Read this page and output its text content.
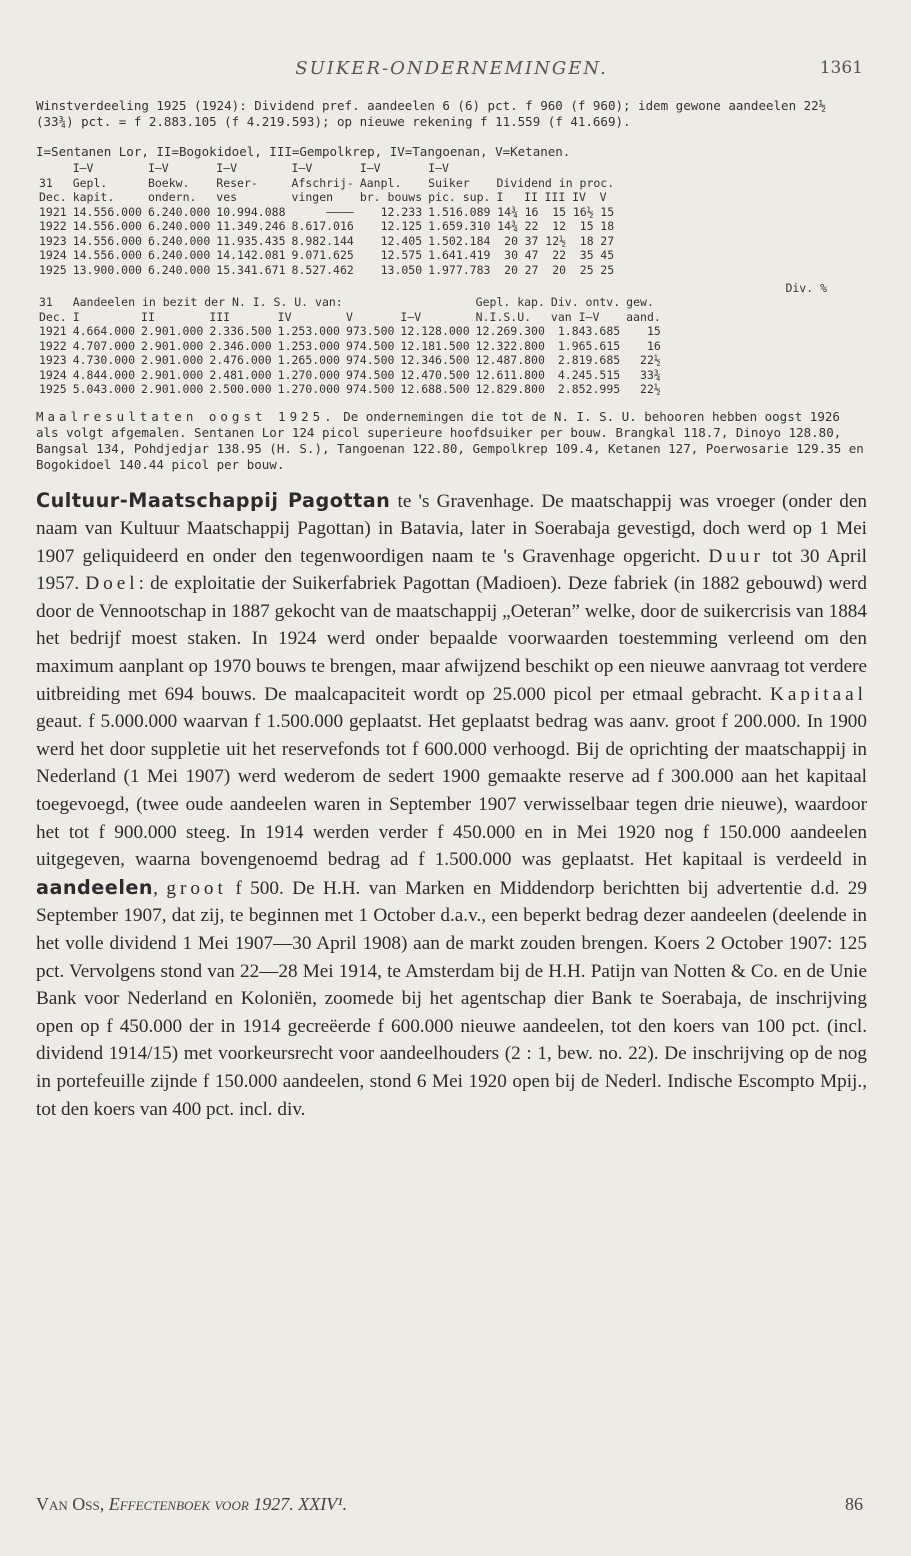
SUIKER-ONDERNEMINGEN.	1361

Winstverdeeling 1925 (1924): Dividend pref. aandeelen 6 (6) pct. f 960 (f 960); idem gewone aandeelen 22½ (33¾) pct. = f 2.883.105 (f 4.219.593); op nieuwe rekening f 11.559 (f 41.669).

I=Sentanen Lor, II=Bogokidoel, III=Gempolkrep, IV=Tangoenan, V=Ketanen.
	I—V	I—V	I—V	I—V	I—V	I—V					
31	Gepl.	Boekw.	Reser-	Afschrij-	Aanpl.	Suiker	Dividend in proc.				
Dec.	kapit.	ondern.	ves	vingen	br. bouws	pic. sup.	I	II	III	IV	V
1921	14.556.000	6.240.000	10.994.088	————	12.233	1.516.089	14¾	16	15	16½	15
1922	14.556.000	6.240.000	11.349.246	8.617.016	12.125	1.659.310	14¾	22	12	15	18
1923	14.556.000	6.240.000	11.935.435	8.982.144	12.405	1.502.184	20	37	12½	18	27
1924	14.556.000	6.240.000	14.142.081	9.071.625	12.575	1.641.419	30	47	22	35	45
1925	13.900.000	6.240.000	15.341.671	8.527.462	13.050	1.977.783	20	27	20	25	25
Div. %
31	Aandeelen in bezit der N. I. S. U. van:						Gepl. kap.	Div. ontv.	gew.
Dec.	I	II	III	IV	V	I—V	N.I.S.U.	van I—V	aand.
1921	4.664.000	2.901.000	2.336.500	1.253.000	973.500	12.128.000	12.269.300	1.843.685	15
1922	4.707.000	2.901.000	2.346.000	1.253.000	974.500	12.181.500	12.322.800	1.965.615	16
1923	4.730.000	2.901.000	2.476.000	1.265.000	974.500	12.346.500	12.487.800	2.819.685	22½
1924	4.844.000	2.901.000	2.481.000	1.270.000	974.500	12.470.500	12.611.800	4.245.515	33¾
1925	5.043.000	2.901.000	2.500.000	1.270.000	974.500	12.688.500	12.829.800	2.852.995	22½

Maalresultaten oogst 1925. De ondernemingen die tot de N. I. S. U. behooren hebben oogst 1926 als volgt afgemalen. Sentanen Lor 124 picol superieure hoofdsuiker per bouw. Brangkal 118.7, Dinoyo 128.80, Bangsal 134, Pohdjedjar 138.95 (H. S.), Tangoenan 122.80, Gempolkrep 109.4, Ketanen 127, Poerwosarie 129.35 en Bogokidoel 140.44 picol per bouw.

Cultuur-Maatschappij Pagottan te 's Gravenhage. De maatschappij was vroeger (onder den naam van Kultuur Maatschappij Pagottan) in Batavia, later in Soerabaja gevestigd, doch werd op 1 Mei 1907 geliquideerd en onder den tegenwoordigen naam te 's Gravenhage opgericht. Duur tot 30 April 1957. Doel: de exploitatie der Suikerfabriek Pagottan (Madioen). Deze fabriek (in 1882 gebouwd) werd door de Vennootschap in 1887 gekocht van de maatschappij „Oeteran” welke, door de suikercrisis van 1884 het bedrijf moest staken. In 1924 werd onder bepaalde voorwaarden toestemming verleend om den maximum aanplant op 1970 bouws te brengen, maar afwijzend beschikt op een nieuwe aanvraag tot verdere uitbreiding met 694 bouws. De maalcapaciteit wordt op 25.000 picol per etmaal gebracht. Kapitaal geaut. f 5.000.000 waarvan f 1.500.000 geplaatst. Het geplaatst bedrag was aanv. groot f 200.000. In 1900 werd het door suppletie uit het reservefonds tot f 600.000 verhoogd. Bij de oprichting der maatschappij in Nederland (1 Mei 1907) werd wederom de sedert 1900 gemaakte reserve ad f 300.000 aan het kapitaal toegevoegd, (twee oude aandeelen waren in September 1907 verwisselbaar tegen drie nieuwe), waardoor het tot f 900.000 steeg. In 1914 werden verder f 450.000 en in Mei 1920 nog f 150.000 aandeelen uitgegeven, waarna bovengenoemd bedrag ad f 1.500.000 was geplaatst. Het kapitaal is verdeeld in aandeelen, groot f 500. De H.H. van Marken en Middendorp berichtten bij advertentie d.d. 29 September 1907, dat zij, te beginnen met 1 October d.a.v., een beperkt bedrag dezer aandeelen (deelende in het volle dividend 1 Mei 1907—30 April 1908) aan de markt zouden brengen. Koers 2 October 1907: 125 pct. Vervolgens stond van 22—28 Mei 1914, te Amsterdam bij de H.H. Patijn van Notten & Co. en de Unie Bank voor Nederland en Koloniën, zoomede bij het agentschap dier Bank te Soerabaja, de inschrijving open op f 450.000 der in 1914 gecreëerde f 600.000 nieuwe aandeelen, tot den koers van 100 pct. (incl. dividend 1914/15) met voorkeursrecht voor aandeelhouders (2 : 1, bew. no. 22). De inschrijving op de nog in portefeuille zijnde f 150.000 aandeelen, stond 6 Mei 1920 open bij de Nederl. Indische Escompto Mpij., tot den koers van 400 pct. incl. div.

Van Oss, Effectenboek voor 1927. XXIV¹.	86
